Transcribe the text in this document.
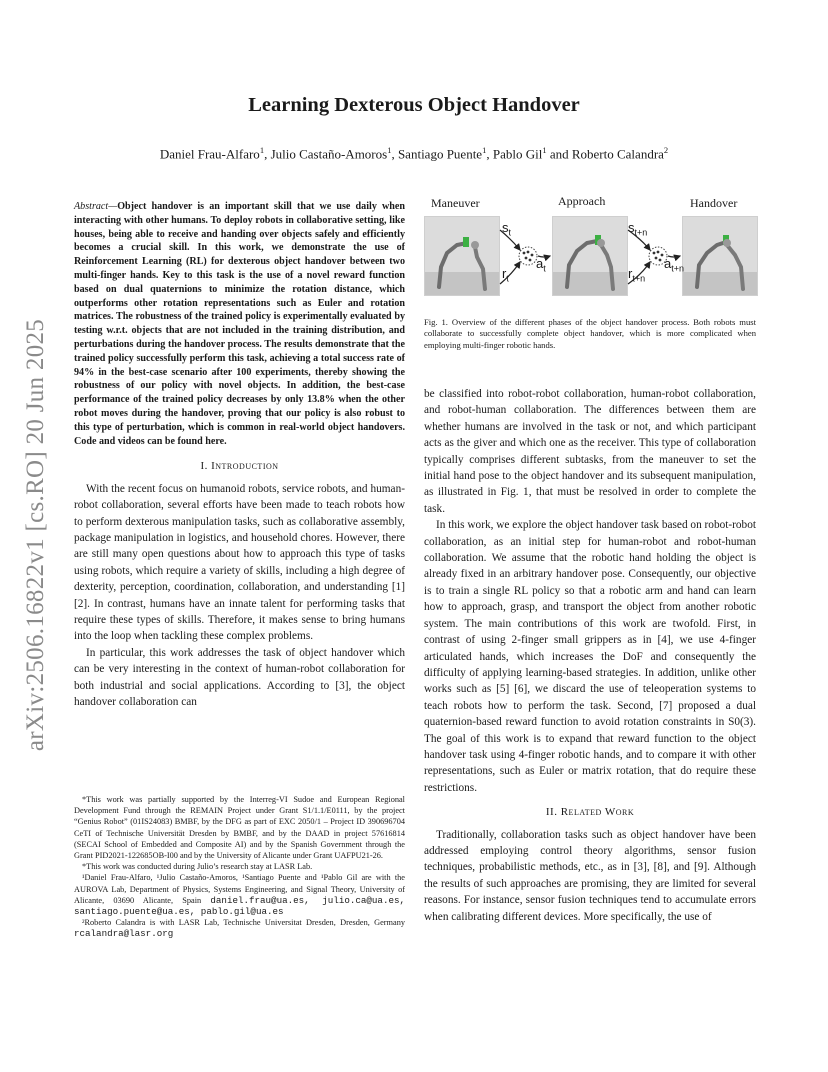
arXiv:2506.16822v1 [cs.RO] 20 Jun 2025
Learning Dexterous Object Handover

Daniel Frau-Alfaro$^1$, Julio Castaño-Amoros$^1$, Santiago Puente$^1$, Pablo Gil$^1$ and Roberto Calandra$^2$

Abstract—Object handover is an important skill that we use daily when interacting with other humans. To deploy robots in collaborative setting, like houses, being able to receive and handing over objects safely and efficiently becomes a crucial skill. In this work, we demonstrate the use of Reinforcement Learning (RL) for dexterous object handover between two multi-finger hands. Key to this task is the use of a novel reward function based on dual quaternions to minimize the rotation distance, which outperforms other rotation representations such as Euler and rotation matrices. The robustness of the trained policy is experimentally evaluated by testing w.r.t. objects that are not included in the training distribution, and perturbations during the handover process. The results demonstrate that the trained policy successfully perform this task, achieving a total success rate of 94% in the best-case scenario after 100 experiments, thereby showing the robustness of our policy with novel objects. In addition, the best-case performance of the trained policy decreases by only 13.8% when the other robot moves during the handover, proving that our policy is also robust to this type of perturbation, which is common in real-world object handovers. Code and videos can be found here.

I. Introduction

With the recent focus on humanoid robots, service robots, and human-robot collaboration, several efforts have been made to teach robots how to perform dexterous manipulation tasks, such as collaborative assembly, package manipulation in logistics, and household chores. However, there are still many open questions about how to approach this type of tasks using robots, which require a variety of skills, including a high degree of dexterity, perception, coordination, collaboration, and understanding [1] [2]. In contrast, humans have an innate talent for performing tasks that require these types of skills. Therefore, it makes sense to bring humans into the loop when tackling these complex problems.

In particular, this work addresses the task of object handover which can be very interesting in the context of human-robot collaboration for both industrial and social applications. According to [3], the object handover collaboration can

*This work was partially supported by the Interreg-VI Sudoe and European Regional Development Fund through the REMAIN Project under Grant S1/1.1/E0111, by the project “Genius Robot” (01IS24083) BMBF, by the DFG as part of EXC 2050/1 – Project ID 390696704 CeTI of Technische Universität Dresden by BMBF, and by the DAAD in project 57616814 (SECAI School of Embedded and Composite AI) and by the Spanish Government through the Grant PID2021-122685OB-I00 and by the University of Alicante under Grant UAFPU21-26.

*This work was conducted during Julio’s research stay at LASR Lab.

¹Daniel Frau-Alfaro, ¹Julio Castaño-Amoros, ¹Santiago Puente and ¹Pablo Gil are with the AUROVA Lab, Department of Physics, Systems Engineering, and Signal Theory, University of Alicante, 03690 Alicante, Spain daniel.frau@ua.es, julio.ca@ua.es, santiago.puente@ua.es, pablo.gil@ua.es

²Roberto Calandra is with LASR Lab, Technische Universitat Dresden, Dresden, Germany rcalandra@lasr.org

Maneuver	Approach	Handover
$s_t$
$r_t$
$a_t$
$s_{t+n}$
$r_{t+n}$
$a_{t+n}$

Fig. 1. Overview of the different phases of the object handover process. Both robots must collaborate to successfully complete object handover, which is more complicated when employing multi-finger robotic hands.

be classified into robot-robot collaboration, human-robot collaboration, and robot-human collaboration. The differences between them are whether humans are involved in the task or not, and which participant acts as the giver and which one as the receiver. This type of collaboration typically comprises different subtasks, from the maneuver to set the initial hand pose to the object handover and its subsequent manipulation, as illustrated in Fig. 1, that must be resolved in order to complete the task.

In this work, we explore the object handover task based on robot-robot collaboration, as an initial step for human-robot and robot-human collaboration. We assume that the robotic hand holding the object is already fixed in an arbitrary handover pose. Consequently, our objective is to train a single RL policy so that a robotic arm and hand can learn how to approach, grasp, and transport the object from another robotic system. The main contributions of this work are twofold. First, in contrast of using 2-finger small grippers as in [4], we use 4-finger articulated hands, which increases the DoF and consequently the difficulty of applying learning-based strategies. In addition, unlike other works such as [5] [6], we discard the use of teleoperation systems to teach robots how to perform the task. Second, [7] proposed a dual quaternion-based reward function to avoid rotation constraints in S0(3). The goal of this work is to expand that reward function to the object handover task using 4-finger robotic hands, and to compare it with other representations, such as Euler or matrix rotation, that do require these restrictions.

II. Related Work

Traditionally, collaboration tasks such as object handover have been addressed employing control theory algorithms, sensor fusion techniques, probabilistic methods, etc., as in [3], [8], and [9]. Although the results of such approaches are promising, they are limited for several reasons. For instance, sensor fusion techniques tend to accumulate errors when calibrating different devices. More specifically, the use of
